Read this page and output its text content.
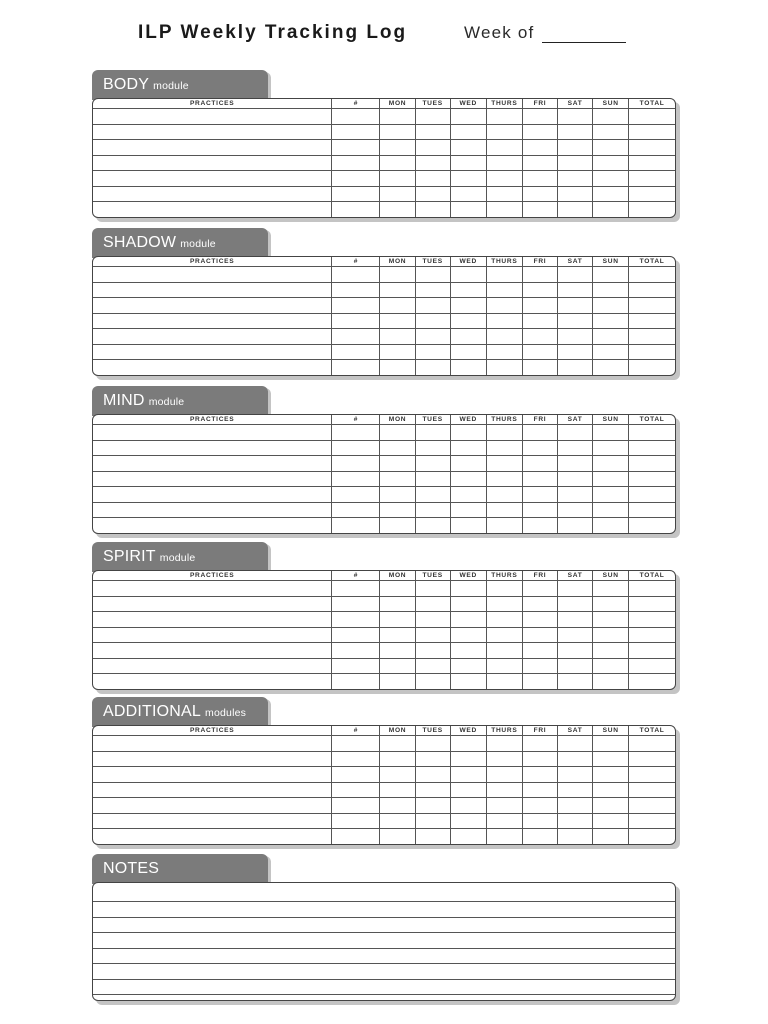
ILP Weekly Tracking Log	Week of
BODY module
PRACTICES	#	MON	TUES	WED	THURS	FRI	SAT	SUN	TOTAL

SHADOW module
PRACTICES	#	MON	TUES	WED	THURS	FRI	SAT	SUN	TOTAL

MIND module
PRACTICES	#	MON	TUES	WED	THURS	FRI	SAT	SUN	TOTAL

SPIRIT module
PRACTICES	#	MON	TUES	WED	THURS	FRI	SAT	SUN	TOTAL

ADDITIONAL modules
PRACTICES	#	MON	TUES	WED	THURS	FRI	SAT	SUN	TOTAL

NOTES
